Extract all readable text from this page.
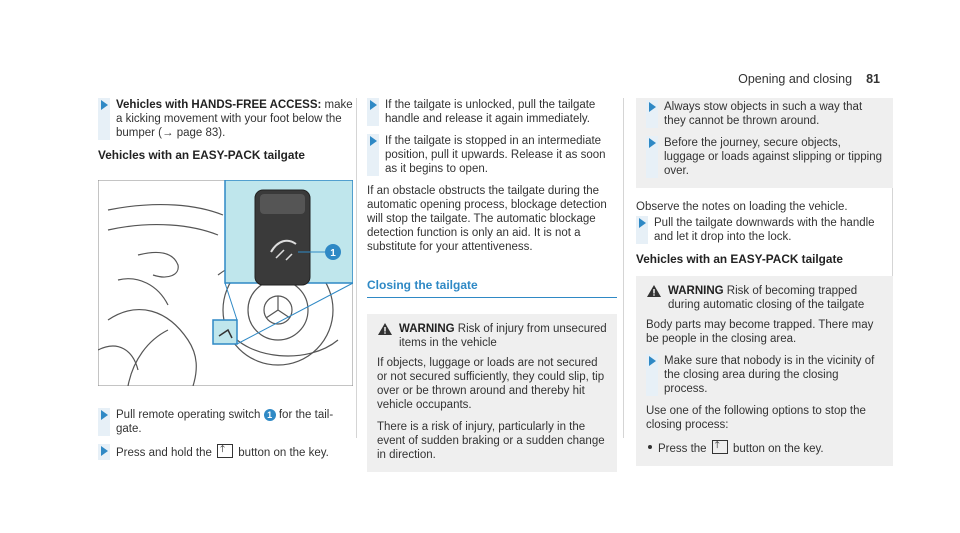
Opening and closing 81
Vehicles with HANDS-FREE ACCESS: make a kicking movement with your foot below the bumper (→ page 83).
Vehicles with an EASY-PACK tailgate
1
Pull remote operating switch 1 for the tail-gate.
Press and hold the ⤒ button on the key.
If the tailgate is unlocked, pull the tailgate handle and release it again immediately.
If the tailgate is stopped in an intermediate position, pull it upwards. Release it as soon as it begins to open.

If an obstacle obstructs the tailgate during the automatic opening process, blockage detection will stop the tailgate. The automatic blockage detection function is only an aid. It is not a substitute for your attentiveness.

Closing the tailgate
WARNING Risk of injury from unsecured items in the vehicle

If objects, luggage or loads are not secured or not secured sufficiently, they could slip, tip over or be thrown around and thereby hit vehicle occupants.

There is a risk of injury, particularly in the event of sudden braking or a sudden change in direction.

Always stow objects in such a way that they cannot be thrown around.
Before the journey, secure objects, luggage or loads against slipping or tipping over.

Observe the notes on loading the vehicle.

Pull the tailgate downwards with the handle and let it drop into the lock.
Vehicles with an EASY-PACK tailgate
WARNING Risk of becoming trapped during automatic closing of the tailgate

Body parts may become trapped. There may be people in the closing area.

Make sure that nobody is in the vicinity of the closing area during the closing process.

Use one of the following options to stop the closing process:

Press the ⤒ button on the key.
